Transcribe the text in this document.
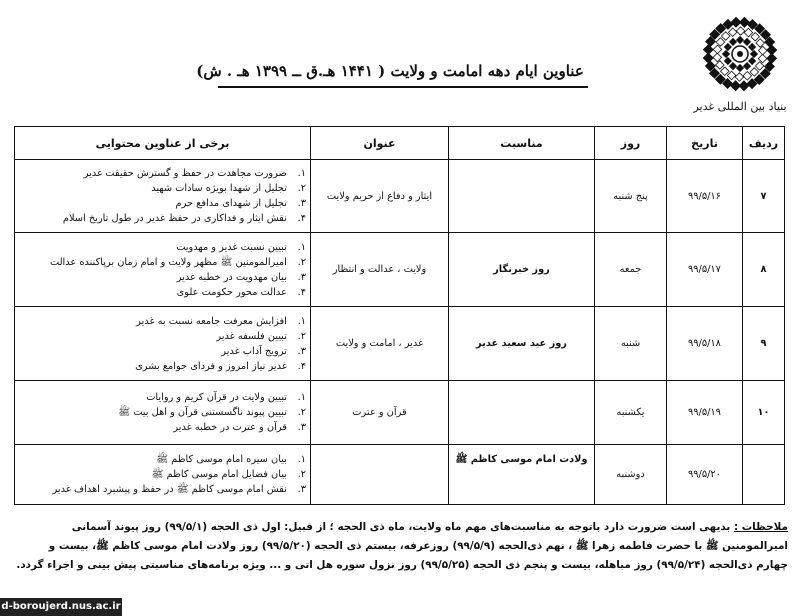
بنیاد بین المللی غدیر
عناوین ایام دهه امامت و ولایت ( ۱۴۴۱ هـ.ق ــ ۱۳۹۹ هـ . ش)
ردیف	تاریخ	روز	مناسبت	عنوان	برخی از عناوین محتوایی
۷	۹۹/۵/۱۶	پنج شنبه		ایثار و دفاع از حریم ولایت	۱. ضرورت مجاهدت در حفظ و گسترش حقیقت غدیر
۲. تجلیل از شهدا بویژه سادات شهید
۳. تجلیل از شهدای مدافع حرم
۴. نقش ایثار و فداکاری در حفظ غدیر در طول تاریخ اسلام

۸	۹۹/۵/۱۷	جمعه	روز خبرنگار	ولایت ، عدالت و انتظار	۱. تبیین نسبت غدیر و مهدویت
۲. امیرالمومنین ﷺ مظهر ولایت و امام زمان برپاکننده عدالت
۳. بیان مهدویت در خطبه غدیر
۴. عدالت محور حکومت علوی

۹	۹۹/۵/۱۸	شنبه	روز عید سعید غدیر	غدیر ، امامت و ولایت	۱. افزایش معرفت جامعه نسبت به غدیر
۲. تبیین فلسفه غدیر
۳. ترویج آداب غدیر
۴. غدیر نیاز امروز و فردای جوامع بشری

۱۰	۹۹/۵/۱۹	یکشنبه		قرآن و عترت	۱. تبیین ولایت در قرآن کریم و روایات
۲. تبیین پیوند ناگسستنی قرآن و اهل بیت ﷺ
۳. قرآن و عترت در خطبه غدیر

	۹۹/۵/۲۰	دوشنبه	ولادت امام موسی کاظم ﷺ		۱. بیان سیره امام موسی کاظم ﷺ
۲. بیان فضایل امام موسی کاظم ﷺ
۳. نقش امام موسی کاظم ﷺ در حفظ و پیشبرد اهداف غدیر
ملاحظات : بدیهی است ضرورت دارد باتوجه به مناسبت‌های مهم ماه ولایت، ماه ذی الحجه ؛ از قبیل: اول ذی الحجه (۹۹/۵/۱) روز پیوند آسمانی امیرالمومنین ﷺ با حضرت فاطمه زهرا ﷺ ، نهم ذی‌الحجه (۹۹/۵/۹) روزعرفه، بیستم ذی الحجه (۹۹/۵/۲۰) روز ولادت امام موسی کاظم ﷺ، بیست و چهارم ذی‌الحجه (۹۹/۵/۲۴) روز مباهله، بیست و پنجم ذی الحجه (۹۹/۵/۲۵) روز نزول سوره هل اتی و ... ویژه برنامه‌های مناسبتی پیش بینی و اجراء گردد.
d-boroujerd.nus.ac.ir
